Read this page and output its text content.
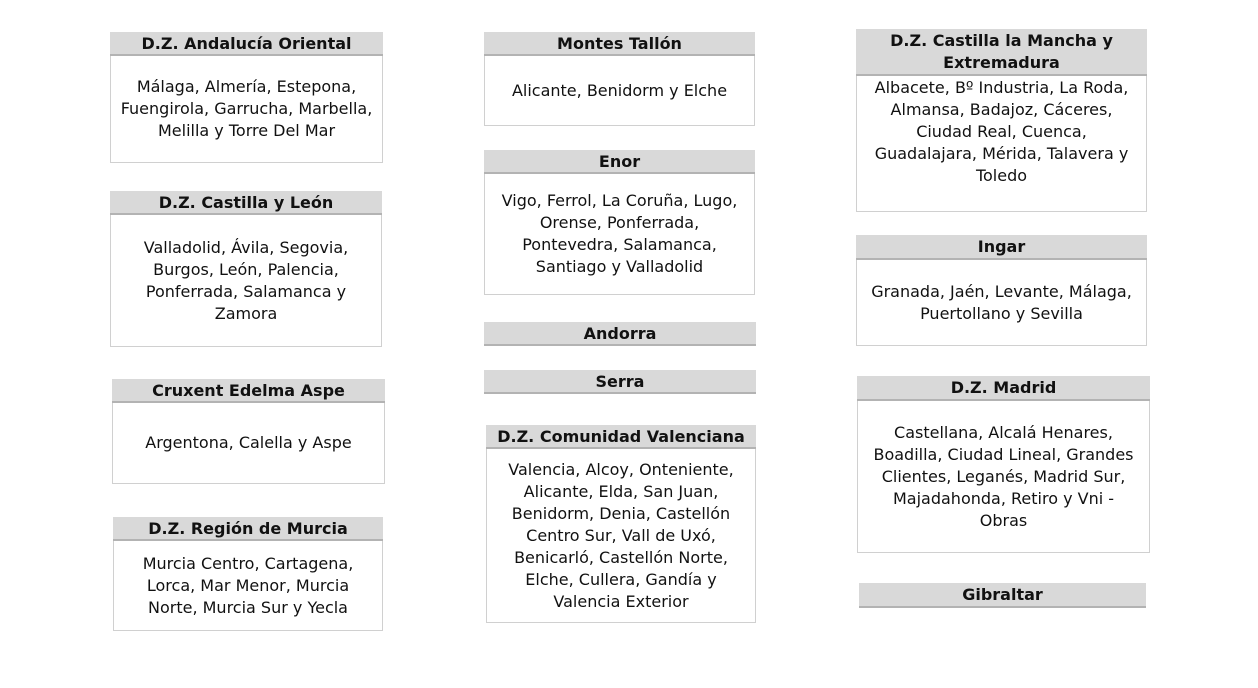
D.Z. Andalucía Oriental
Málaga, Almería, Estepona, Fuengirola, Garrucha, Marbella, Melilla y Torre Del Mar
D.Z. Castilla y León
Valladolid, Ávila, Segovia, Burgos, León, Palencia, Ponferrada, Salamanca y Zamora
Cruxent Edelma Aspe
Argentona, Calella y Aspe
D.Z. Región de Murcia
Murcia Centro, Cartagena, Lorca, Mar Menor, Murcia Norte, Murcia Sur y Yecla
Montes Tallón
Alicante, Benidorm y Elche
Enor
Vigo, Ferrol, La Coruña, Lugo, Orense, Ponferrada, Pontevedra, Salamanca, Santiago y Valladolid
Andorra
Serra
D.Z. Comunidad Valenciana
Valencia, Alcoy, Onteniente, Alicante, Elda, San Juan, Benidorm, Denia, Castellón Centro Sur, Vall de Uxó, Benicarló, Castellón Norte, Elche, Cullera, Gandía y Valencia Exterior
D.Z. Castilla la Mancha y Extremadura
Albacete, Bº Industria, La Roda, Almansa, Badajoz, Cáceres, Ciudad Real, Cuenca, Guadalajara, Mérida, Talavera y Toledo
Ingar
Granada, Jaén, Levante, Málaga, Puertollano y Sevilla
D.Z. Madrid
Castellana, Alcalá Henares, Boadilla, Ciudad Lineal, Grandes Clientes, Leganés, Madrid Sur, Majadahonda, Retiro y Vni - Obras
Gibraltar
